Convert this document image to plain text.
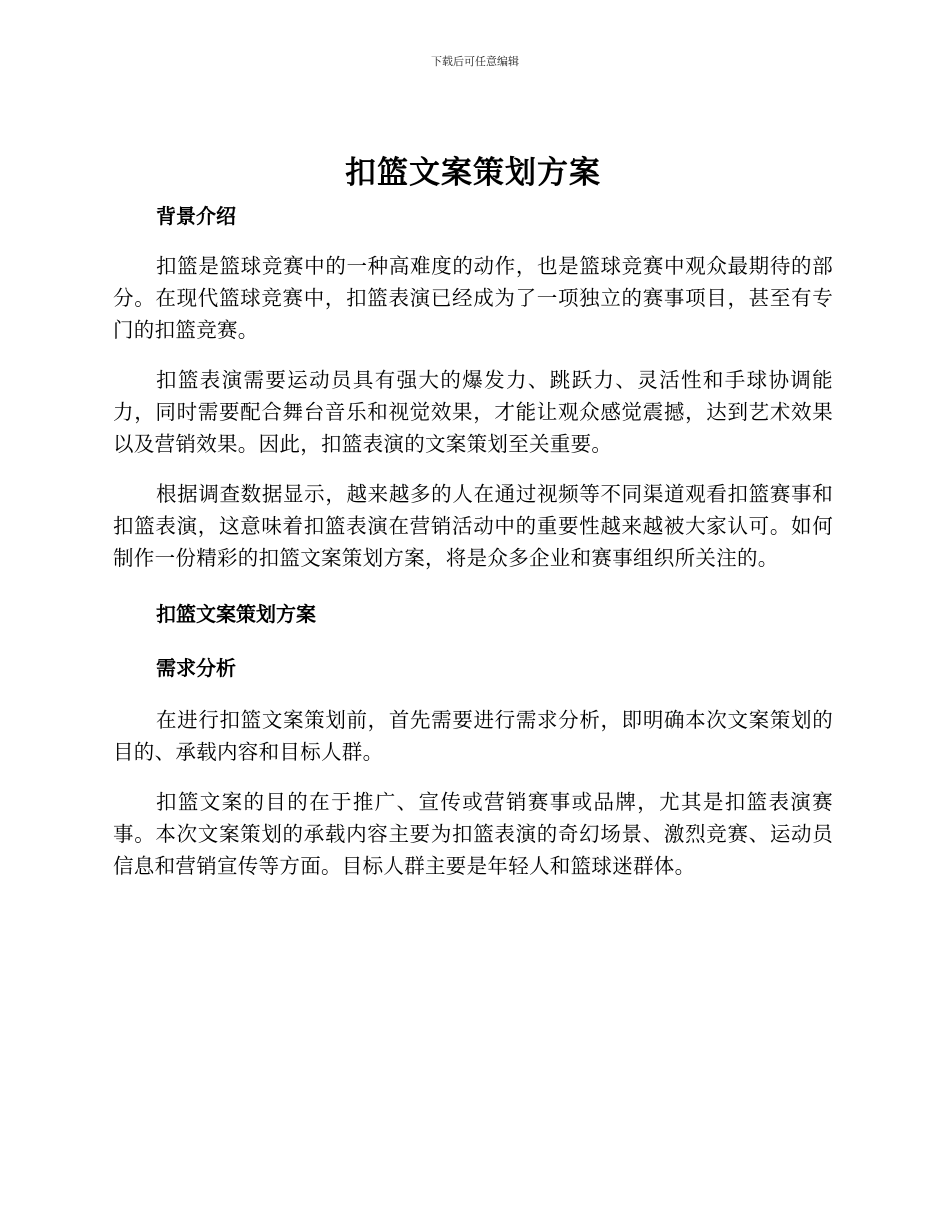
下载后可任意编辑
扣篮文案策划方案
背景介绍

扣篮是篮球竞赛中的一种高难度的动作，也是篮球竞赛中观众最期待的部分。在现代篮球竞赛中，扣篮表演已经成为了一项独立的赛事项目，甚至有专门的扣篮竞赛。

扣篮表演需要运动员具有强大的爆发力、跳跃力、灵活性和手球协调能力，同时需要配合舞台音乐和视觉效果，才能让观众感觉震撼，达到艺术效果以及营销效果。因此，扣篮表演的文案策划至关重要。

根据调查数据显示，越来越多的人在通过视频等不同渠道观看扣篮赛事和扣篮表演，这意味着扣篮表演在营销活动中的重要性越来越被大家认可。如何制作一份精彩的扣篮文案策划方案，将是众多企业和赛事组织所关注的。

扣篮文案策划方案
需求分析

在进行扣篮文案策划前，首先需要进行需求分析，即明确本次文案策划的目的、承载内容和目标人群。

扣篮文案的目的在于推广、宣传或营销赛事或品牌，尤其是扣篮表演赛事。本次文案策划的承载内容主要为扣篮表演的奇幻场景、激烈竞赛、运动员信息和营销宣传等方面。目标人群主要是年轻人和篮球迷群体。
